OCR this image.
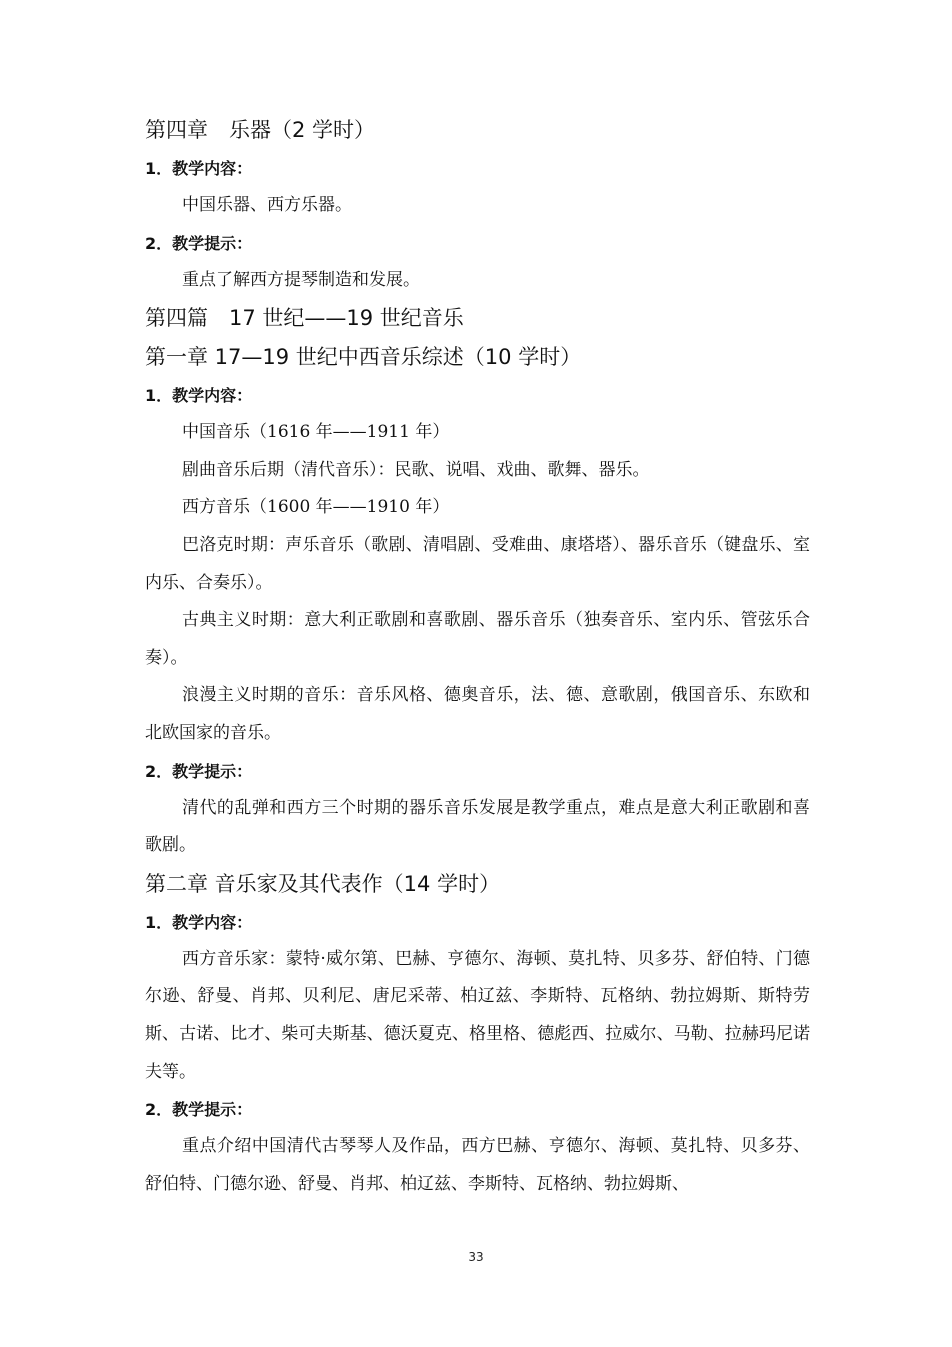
第四章　乐器（2 学时）
1．教学内容：
中国乐器、西方乐器。
2．教学提示：
重点了解西方提琴制造和发展。
第四篇　17 世纪——19 世纪音乐
第一章 17—19 世纪中西音乐综述（10 学时）
1．教学内容：
中国音乐（1616 年——1911 年）
剧曲音乐后期（清代音乐）：民歌、说唱、戏曲、歌舞、器乐。
西方音乐（1600 年——1910 年）

巴洛克时期：声乐音乐（歌剧、清唱剧、受难曲、康塔塔）、器乐音乐（键盘乐、室内乐、合奏乐）。

古典主义时期：意大利正歌剧和喜歌剧、器乐音乐（独奏音乐、室内乐、管弦乐合奏）。

浪漫主义时期的音乐：音乐风格、德奥音乐，法、德、意歌剧，俄国音乐、东欧和北欧国家的音乐。

2．教学提示：

清代的乱弹和西方三个时期的器乐音乐发展是教学重点，难点是意大利正歌剧和喜歌剧。

第二章 音乐家及其代表作（14 学时）
1．教学内容：

西方音乐家：蒙特·威尔第、巴赫、亨德尔、海顿、莫扎特、贝多芬、舒伯特、门德尔逊、舒曼、肖邦、贝利尼、唐尼采蒂、柏辽兹、李斯特、瓦格纳、勃拉姆斯、斯特劳斯、古诺、比才、柴可夫斯基、德沃夏克、格里格、德彪西、拉威尔、马勒、拉赫玛尼诺夫等。

2．教学提示：

重点介绍中国清代古琴琴人及作品，西方巴赫、亨德尔、海顿、莫扎特、贝多芬、舒伯特、门德尔逊、舒曼、肖邦、柏辽兹、李斯特、瓦格纳、勃拉姆斯、

33
